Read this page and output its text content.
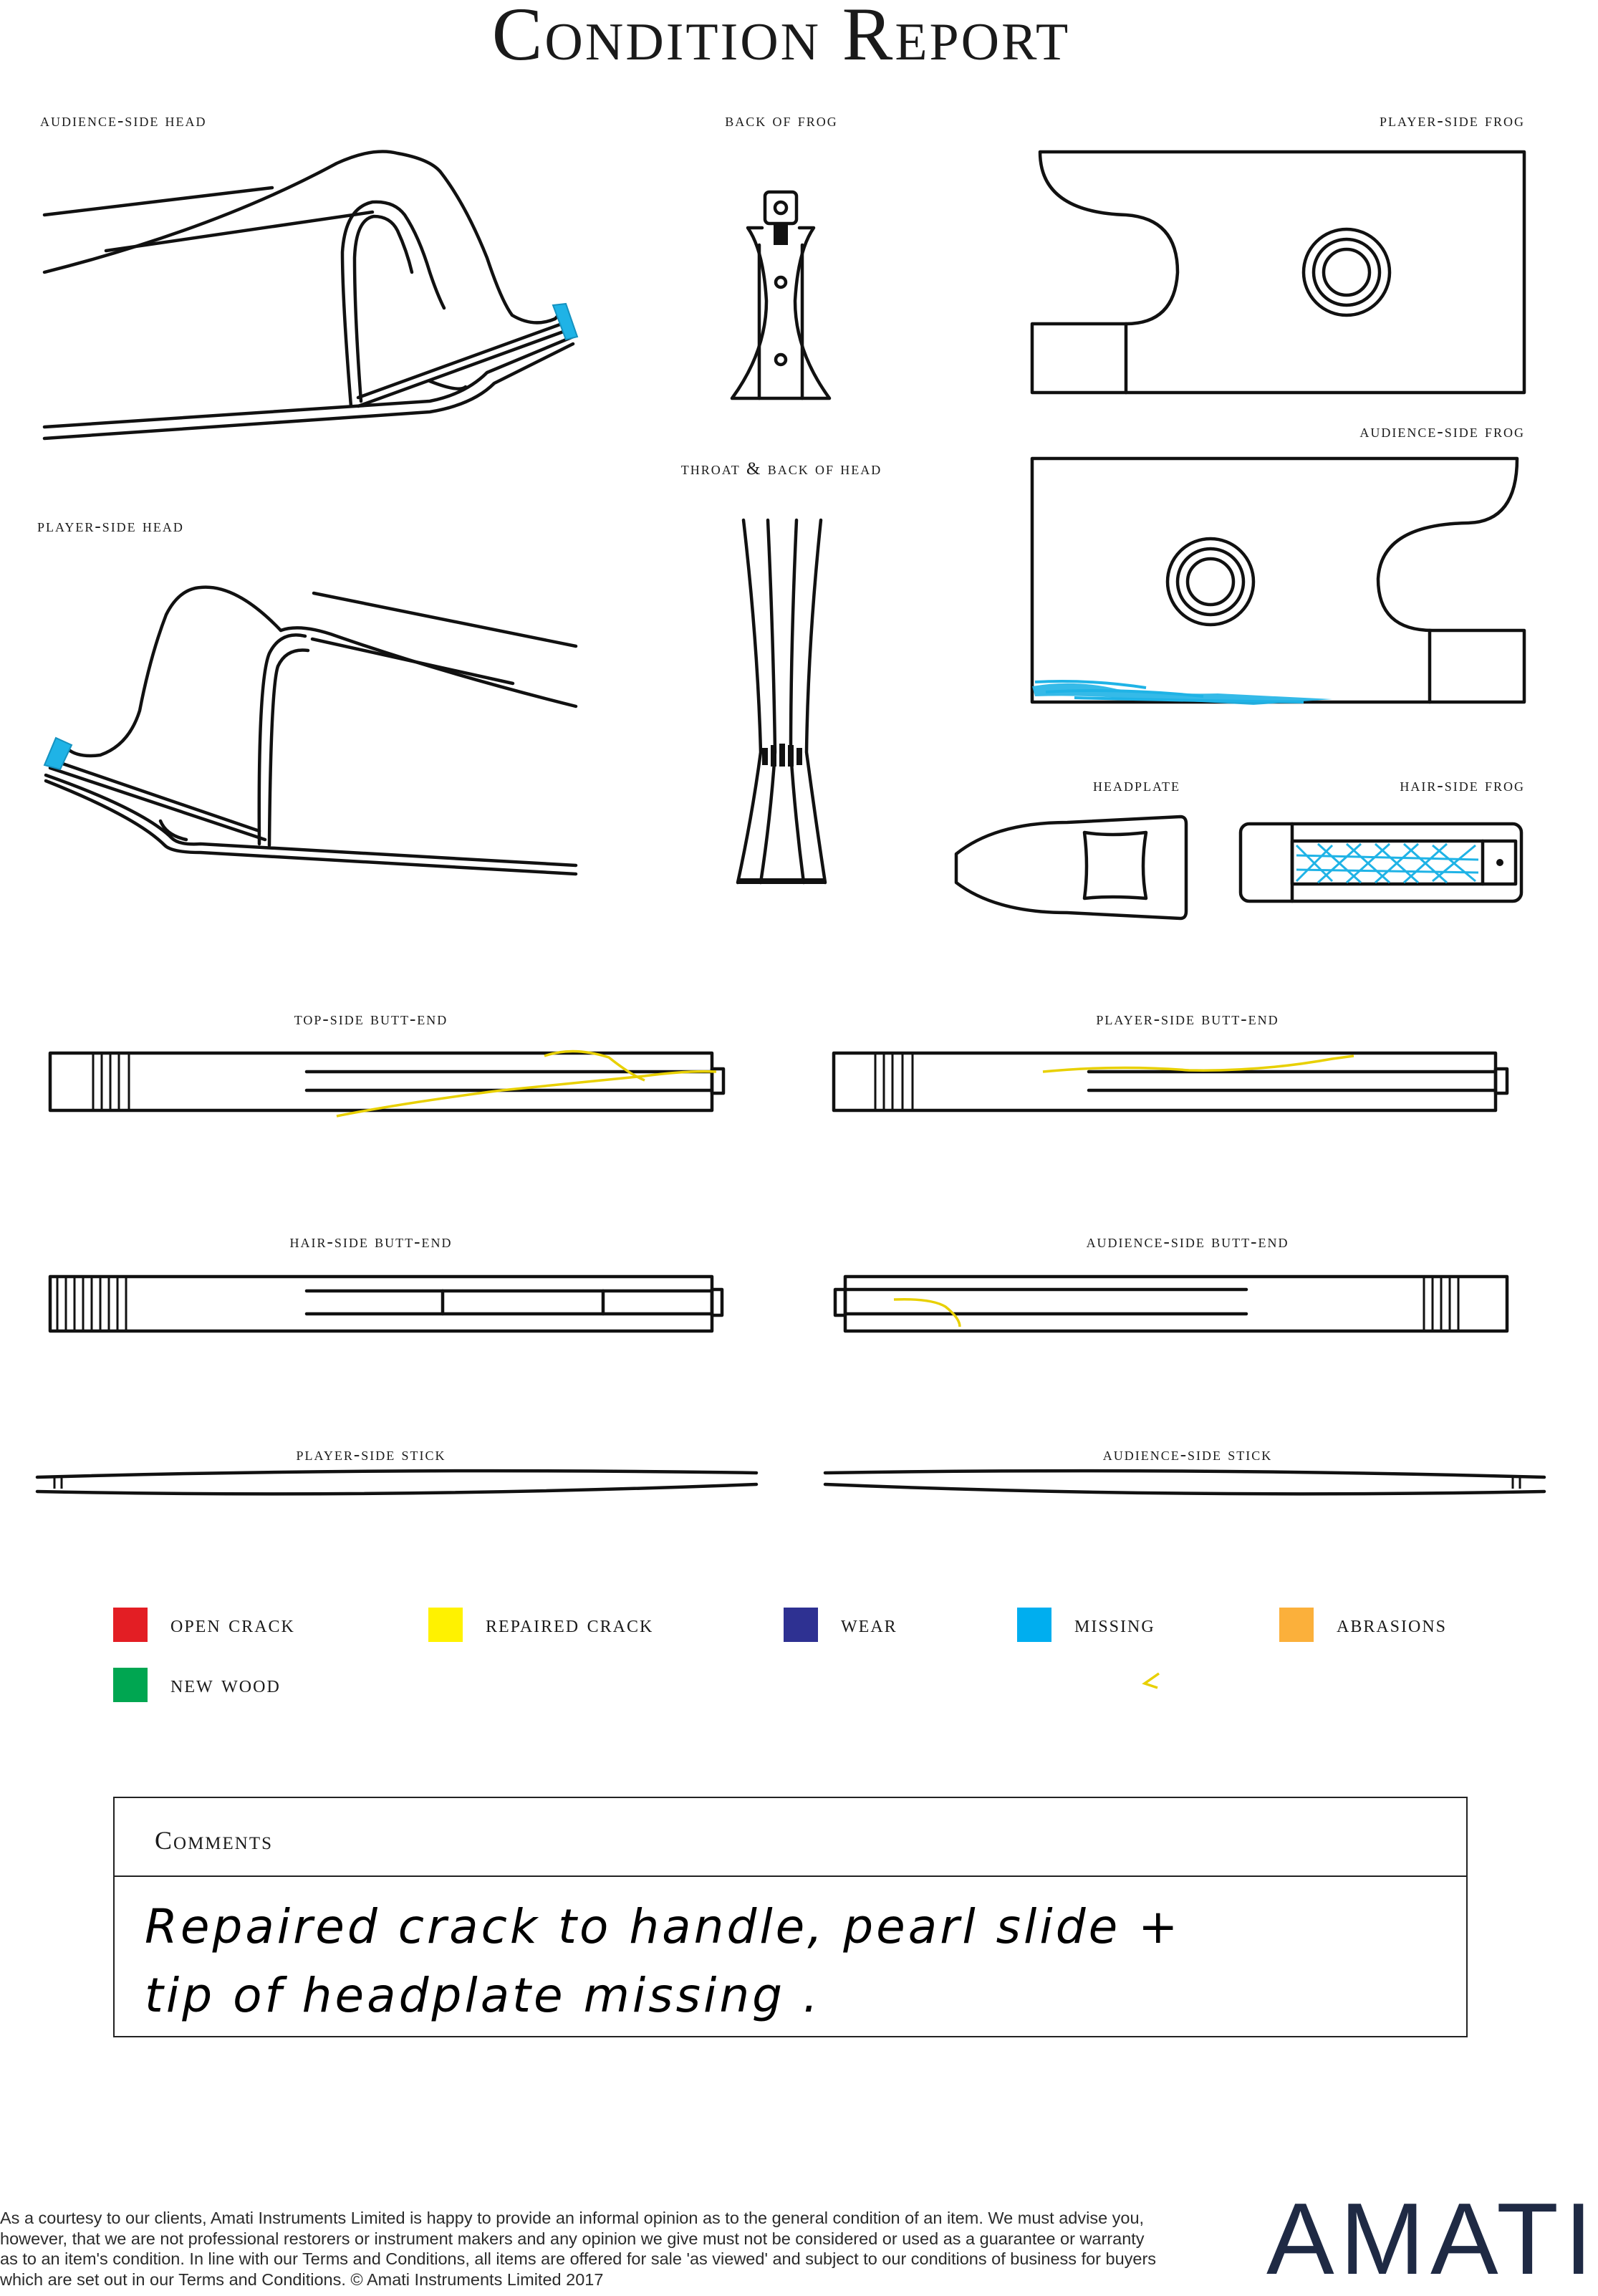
Condition Report
audience-side head	back of frog	player-side frog
audience-side frog
throat & back of head
player-side head
headplate	hair-side frog
top-side butt-end	player-side butt-end
hair-side butt-end	audience-side butt-end
player-side stick	audience-side stick
open crack	repaired crack	wear	missing	abrasions
new wood
Comments
Repaired crack to handle, pearl slide +
tip of headplate missing .
As a courtesy to our clients, Amati Instruments Limited is happy to provide an informal opinion as to the general condition of an item. We must advise you, however, that we are not professional restorers or instrument makers and any opinion we give must not be considered or used as a guarantee or warranty as to an item's condition. In line with our Terms and Conditions, all items are offered for sale 'as viewed' and subject to our conditions of business for buyers which are set out in our Terms and Conditions. © Amati Instruments Limited 2017	AMATI
